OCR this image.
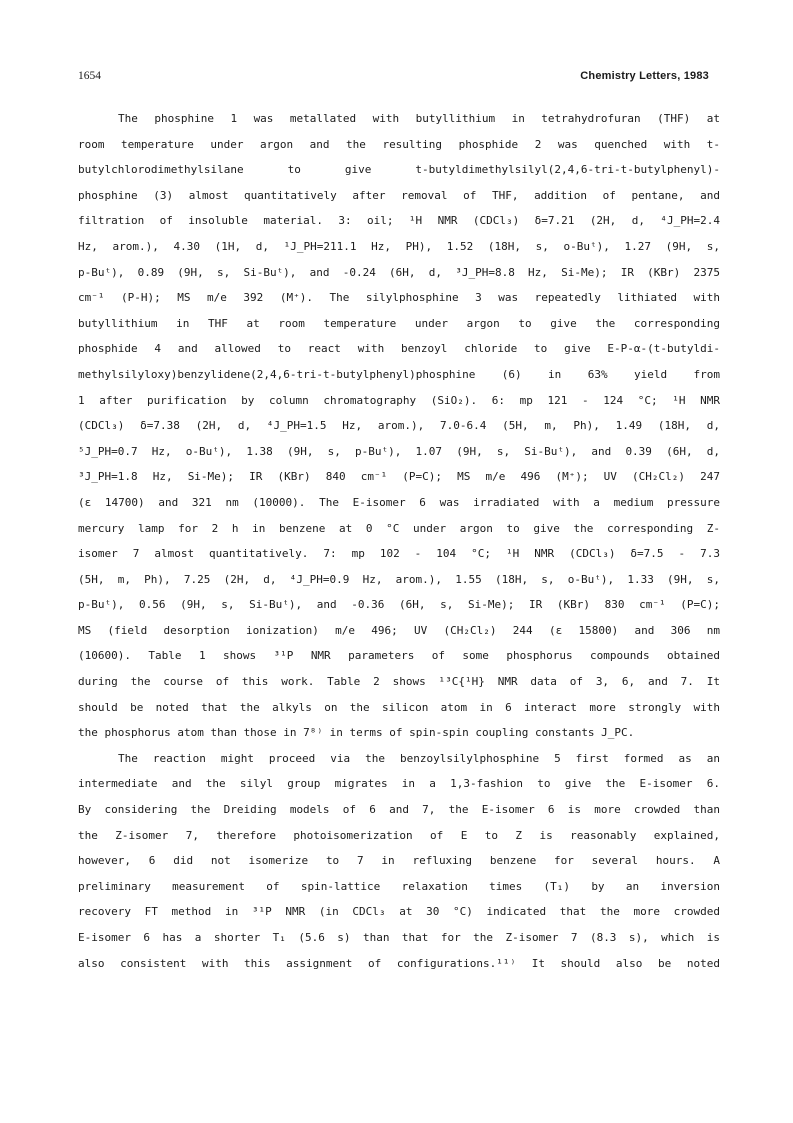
1654	Chemistry Letters, 1983
The phosphine 1 was metallated with butyllithium in tetrahydrofuran (THF) at
room temperature under argon and the resulting phosphide 2 was quenched with t-
butylchlorodimethylsilane to give t-butyldimethylsilyl(2,4,6-tri-t-butylphenyl)-
phosphine (3) almost quantitatively after removal of THF, addition of pentane, and
filtration of insoluble material. 3: oil; ¹H NMR (CDCl₃) δ=7.21 (2H, d, ⁴J_PH=2.4
Hz, arom.), 4.30 (1H, d, ¹J_PH=211.1 Hz, PH), 1.52 (18H, s, o-Buᵗ), 1.27 (9H, s,
p-Buᵗ), 0.89 (9H, s, Si-Buᵗ), and -0.24 (6H, d, ³J_PH=8.8 Hz, Si-Me); IR (KBr) 2375
cm⁻¹ (P-H); MS m/e 392 (M⁺). The silylphosphine 3 was repeatedly lithiated with
butyllithium in THF at room temperature under argon to give the corresponding
phosphide 4 and allowed to react with benzoyl chloride to give E-P-α-(t-butyldi-
methylsilyloxy)benzylidene(2,4,6-tri-t-butylphenyl)phosphine (6) in 63% yield from
1 after purification by column chromatography (SiO₂). 6: mp 121 - 124 °C; ¹H NMR
(CDCl₃) δ=7.38 (2H, d, ⁴J_PH=1.5 Hz, arom.), 7.0-6.4 (5H, m, Ph), 1.49 (18H, d,
⁵J_PH=0.7 Hz, o-Buᵗ), 1.38 (9H, s, p-Buᵗ), 1.07 (9H, s, Si-Buᵗ), and 0.39 (6H, d,
³J_PH=1.8 Hz, Si-Me); IR (KBr) 840 cm⁻¹ (P=C); MS m/e 496 (M⁺); UV (CH₂Cl₂) 247
(ε 14700) and 321 nm (10000). The E-isomer 6 was irradiated with a medium pressure
mercury lamp for 2 h in benzene at 0 °C under argon to give the corresponding Z-
isomer 7 almost quantitatively. 7: mp 102 - 104 °C; ¹H NMR (CDCl₃) δ=7.5 - 7.3
(5H, m, Ph), 7.25 (2H, d, ⁴J_PH=0.9 Hz, arom.), 1.55 (18H, s, o-Buᵗ), 1.33 (9H, s,
p-Buᵗ), 0.56 (9H, s, Si-Buᵗ), and -0.36 (6H, s, Si-Me); IR (KBr) 830 cm⁻¹ (P=C);
MS (field desorption ionization) m/e 496; UV (CH₂Cl₂) 244 (ε 15800) and 306 nm
(10600). Table 1 shows ³¹P NMR parameters of some phosphorus compounds obtained
during the course of this work. Table 2 shows ¹³C{¹H} NMR data of 3, 6, and 7. It
should be noted that the alkyls on the silicon atom in 6 interact more strongly with
the phosphorus atom than those in 7⁸⁾ in terms of spin-spin coupling constants J_PC.
The reaction might proceed via the benzoylsilylphosphine 5 first formed as an
intermediate and the silyl group migrates in a 1,3-fashion to give the E-isomer 6.
By considering the Dreiding models of 6 and 7, the E-isomer 6 is more crowded than
the Z-isomer 7, therefore photoisomerization of E to Z is reasonably explained,
however, 6 did not isomerize to 7 in refluxing benzene for several hours. A
preliminary measurement of spin-lattice relaxation times (T₁) by an inversion
recovery FT method in ³¹P NMR (in CDCl₃ at 30 °C) indicated that the more crowded
E-isomer 6 has a shorter T₁ (5.6 s) than that for the Z-isomer 7 (8.3 s), which is
also consistent with this assignment of configurations.¹¹⁾ It should also be noted
